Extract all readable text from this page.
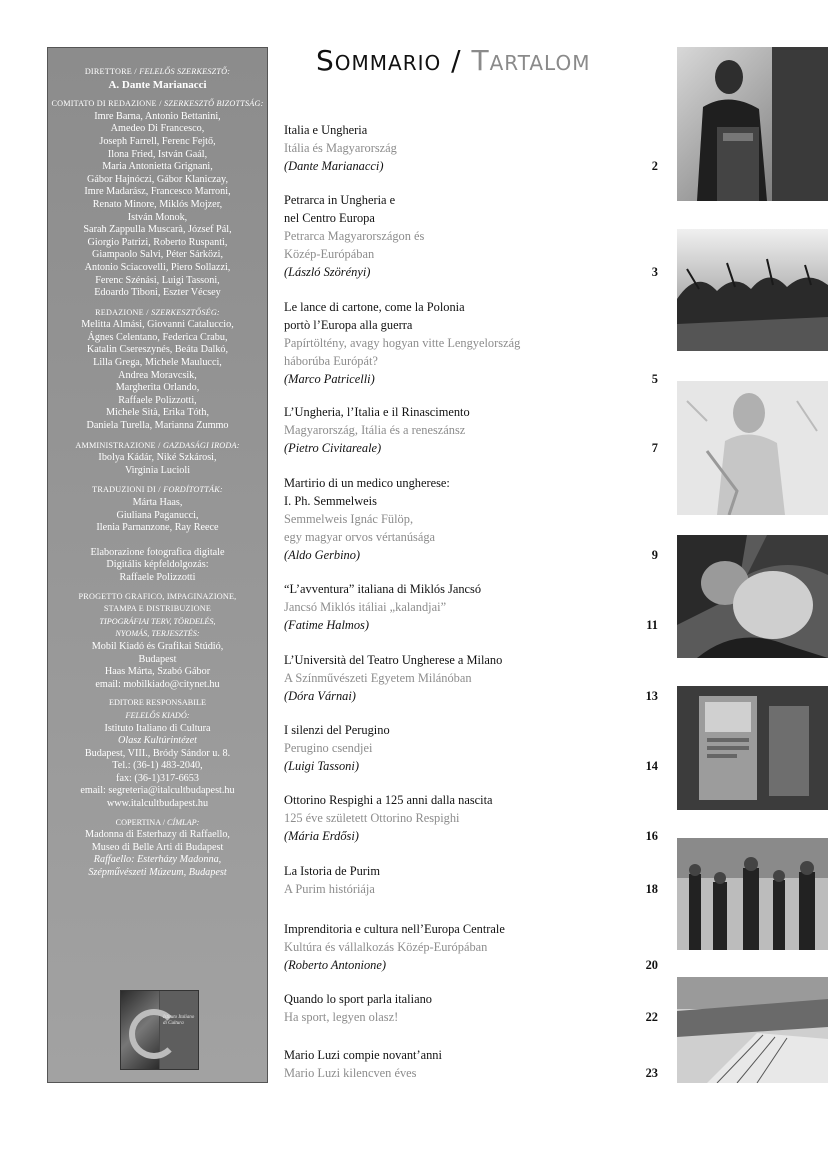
DIRETTORE / FELELŐS SZERKESZTŐ:
A. Dante Marianacci
COMITATO DI REDAZIONE / SZERKESZTŐ BIZOTTSÁG:
Imre Barna, Antonio Bettanini,
Amedeo Di Francesco,
Joseph Farrell, Ferenc Fejtő,
Ilona Fried, István Gaál,
Maria Antonietta Grignani,
Gábor Hajnóczi, Gábor Klaniczay,
Imre Madarász, Francesco Marroni,
Renato Minore, Miklós Mojzer,
István Monok,
Sarah Zappulla Muscarà, József Pál,
Giorgio Patrizi, Roberto Ruspanti,
Giampaolo Salvi, Péter Sárközi,
Antonio Sciacovelli, Piero Sollazzi,
Ferenc Szénási, Luigi Tassoni,
Edoardo Tiboni, Eszter Vécsey
REDAZIONE / SZERKESZTŐSÉG:
Melitta Almási, Giovanni Cataluccio,
Ágnes Celentano, Federica Crabu,
Katalin Csereszynés, Beáta Dalkó,
Lilla Grega, Michele Maulucci,
Andrea Moravcsik,
Margherita Orlando,
Raffaele Polizzotti,
Michele Sità, Erika Tóth,
Daniela Turella, Marianna Zummo
AMMINISTRAZIONE / GAZDASÁGI IRODA:
Ibolya Kádár, Niké Szkárosi,
Virginia Lucioli
TRADUZIONI DI / FORDÍTOTTÁK:
Márta Haas,
Giuliana Paganucci,
Ilenia Parnanzone, Ray Reece
Elaborazione fotografica digitale
Digitális képfeldolgozás:
Raffaele Polizzotti
PROGETTO GRAFICO, IMPAGINAZIONE,
STAMPA E DISTRIBUZIONE
TIPOGRÁFIAI TERV, TÖRDELÉS,
NYOMÁS, TERJESZTÉS:
Mobil Kiadó és Grafikai Stúdió,
Budapest
Haas Márta, Szabó Gábor
email: mobilkiado@citynet.hu
EDITORE RESPONSABILE
FELELŐS KIADÓ:
Istituto Italiano di Cultura
Olasz Kultúrintézet
Budapest, VIII., Bródy Sándor u. 8.
Tel.: (36-1) 483-2040,
fax: (36-1)317-6653
email: segreteria@italcultbudapest.hu
www.italcultbudapest.hu
COPERTINA / CÍMLAP:
Madonna di Esterhazy di Raffaello,
Museo di Belle Arti di Budapest
Raffaello: Esterházy Madonna,
Szépművészeti Múzeum, Budapest
Istituto Italiano di Cultura
Sommario / Tartalom
Italia e Ungheria
Itália és Magyarország
(Dante Marianacci)	2
Petrarca in Ungheria e
nel Centro Europa
Petrarca Magyarországon és
Közép-Európában
(László Szörényi)	3
Le lance di cartone, come la Polonia
portò l’Europa alla guerra
Papírtöltény, avagy hogyan vitte Lengyelország
háborúba Európát?
(Marco Patricelli)	5
L’Ungheria, l’Italia e il Rinascimento
Magyarország, Itália és a reneszánsz
(Pietro Civitareale)	7
Martirio di un medico ungherese:
I. Ph. Semmelweis
Semmelweis Ignác Fülöp,
egy magyar orvos vértanúsága
(Aldo Gerbino)	9
“L’avventura” italiana di Miklós Jancsó
Jancsó Miklós itáliai „kalandjai”
(Fatime Halmos)	11
L’Università del Teatro Ungherese a Milano
A Színművészeti Egyetem Milánóban
(Dóra Várnai)	13
I silenzi del Perugino
Perugino csendjei
(Luigi Tassoni)	14
Ottorino Respighi a 125 anni dalla nascita
125 éve született Ottorino Respighi
(Mária Erdősi)	16
La Istoria de Purim
A Purim históriája	18
Imprenditoria e cultura nell’Europa Centrale
Kultúra és vállalkozás Közép-Európában
(Roberto Antonione)	20
Quando lo sport parla italiano
Ha sport, legyen olasz!	22
Mario Luzi compie novant’anni
Mario Luzi kilencven éves	23
